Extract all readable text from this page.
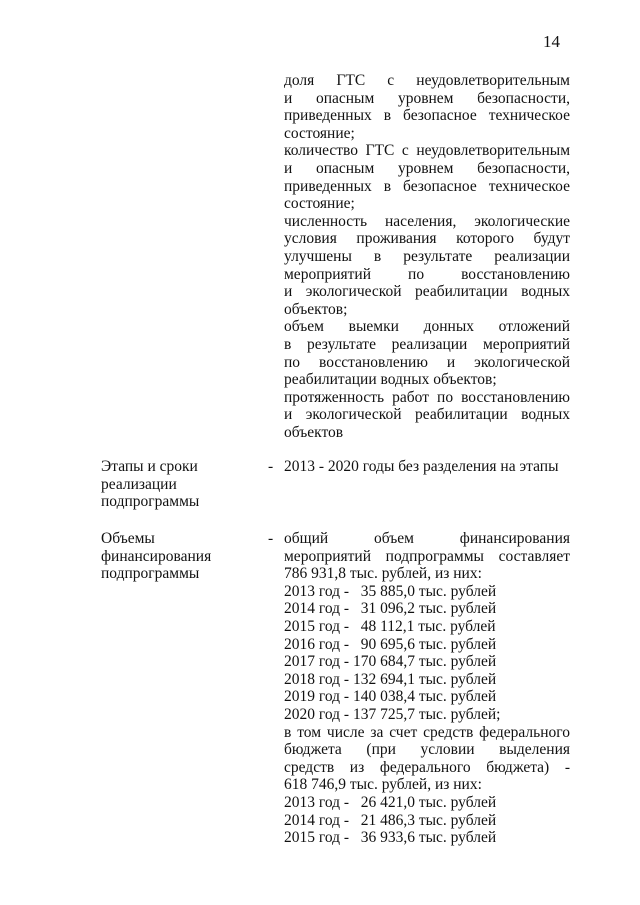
14
доля ГТС с неудовлетворительным
и опасным уровнем безопасности,
приведенных в безопасное техническое
состояние;
количество ГТС с неудовлетворительным
и опасным уровнем безопасности,
приведенных в безопасное техническое
состояние;
численность населения, экологические
условия проживания которого будут
улучшены в результате реализации
мероприятий по восстановлению
и экологической реабилитации водных
объектов;
объем выемки донных отложений
в результате реализации мероприятий
по восстановлению и экологической
реабилитации водных объектов;
протяженность работ по восстановлению
и экологической реабилитации водных
объектов
Этапы и сроки
реализации
подпрограммы
- 2013 - 2020 годы без разделения на этапы
Объемы
финансирования
подпрограммы
- общий объем финансирования
мероприятий подпрограммы составляет
786 931,8 тыс. рублей, из них:
2013 год -   35 885,0 тыс. рублей
2014 год -   31 096,2 тыс. рублей
2015 год -   48 112,1 тыс. рублей
2016 год -   90 695,6 тыс. рублей
2017 год - 170 684,7 тыс. рублей
2018 год - 132 694,1 тыс. рублей
2019 год - 140 038,4 тыс. рублей
2020 год - 137 725,7 тыс. рублей;
в том числе за счет средств федерального
бюджета (при условии выделения
средств из федерального бюджета) -
618 746,9 тыс. рублей, из них:
2013 год -   26 421,0 тыс. рублей
2014 год -   21 486,3 тыс. рублей
2015 год -   36 933,6 тыс. рублей
